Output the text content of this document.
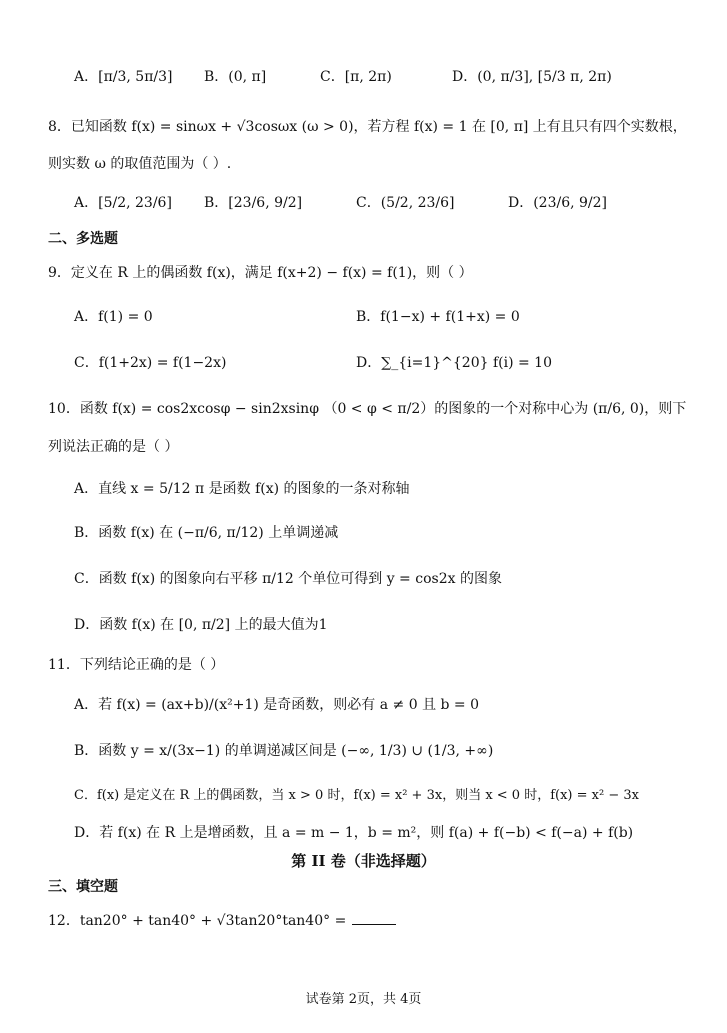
A．[π/3, 5π/3] B．(0, π]	C．[π, 2π)	D．(0, π/3], [5/3 π, 2π)
8．已知函数 f(x) = sinωx + √3cosωx (ω > 0)，若方程 f(x) = 1 在 [0, π] 上有且只有四个实数根，
则实数 ω 的取值范围为（ ）.
A．[5/2, 23/6] B．[23/6, 9/2]	C．(5/2, 23/6]	D．(23/6, 9/2]
二、多选题
9．定义在 R 上的偶函数 f(x)，满足 f(x+2) − f(x) = f(1)，则（ ）
A．f(1) = 0	B．f(1−x) + f(1+x) = 0
C．f(1+2x) = f(1−2x)	D．∑_{i=1}^{20} f(i) = 10
10．函数 f(x) = cos2xcosφ − sin2xsinφ （0 < φ < π/2）的图象的一个对称中心为 (π/6, 0)，则下
列说法正确的是（ ）
A．直线 x = 5/12 π 是函数 f(x) 的图象的一条对称轴
B．函数 f(x) 在 (−π/6, π/12) 上单调递减
C．函数 f(x) 的图象向右平移 π/12 个单位可得到 y = cos2x 的图象
D．函数 f(x) 在 [0, π/2] 上的最大值为1
11．下列结论正确的是（ ）
A．若 f(x) = (ax+b)/(x²+1) 是奇函数，则必有 a ≠ 0 且 b = 0
B．函数 y = x/(3x−1) 的单调递减区间是 (−∞, 1/3) ∪ (1/3, +∞)
C．f(x) 是定义在 R 上的偶函数，当 x > 0 时，f(x) = x² + 3x，则当 x < 0 时，f(x) = x² − 3x
D．若 f(x) 在 R 上是增函数，且 a = m − 1，b = m²，则 f(a) + f(−b) < f(−a) + f(b)
第 II 卷（非选择题）
三、填空题
12．tan20° + tan40° + √3tan20°tan40° =
试卷第 2页，共 4页
